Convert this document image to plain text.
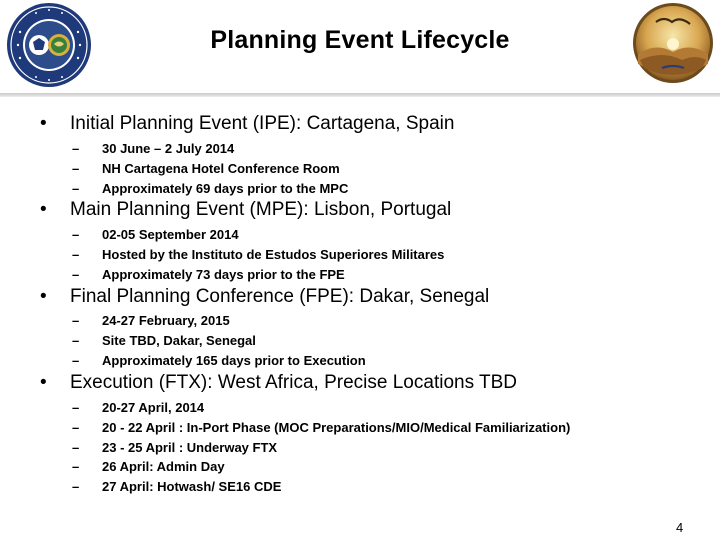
Planning Event Lifecycle
• Initial Planning Event (IPE): Cartagena, Spain
– 30 June – 2 July 2014
– NH Cartagena Hotel Conference Room
– Approximately 69 days prior to the MPC
• Main Planning Event (MPE): Lisbon, Portugal
– 02-05 September 2014
– Hosted by the Instituto de Estudos Superiores Militares
– Approximately 73 days prior to the FPE
• Final Planning Conference (FPE): Dakar, Senegal
– 24-27 February, 2015
– Site TBD, Dakar, Senegal
– Approximately 165 days prior to Execution
• Execution (FTX): West Africa, Precise Locations TBD
– 20-27 April, 2014
– 20 - 22 April : In-Port Phase (MOC Preparations/MIO/Medical Familiarization)
– 23 - 25 April : Underway FTX
– 26 April: Admin Day
– 27 April: Hotwash/ SE16 CDE
4
